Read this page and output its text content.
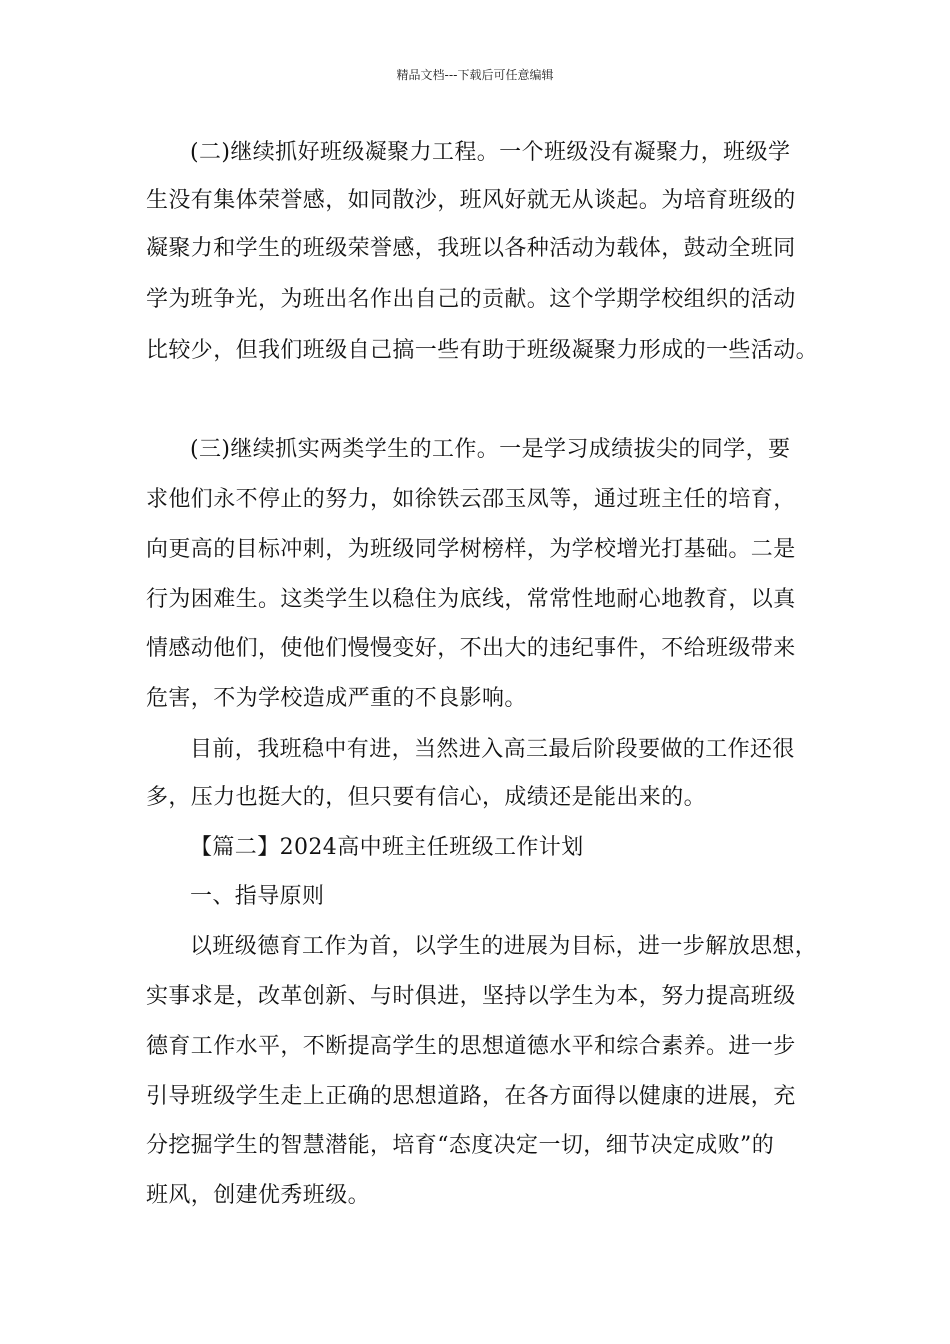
精品文档---下载后可任意编辑
(二)继续抓好班级凝聚力工程。一个班级没有凝聚力，班级学
生没有集体荣誉感，如同散沙，班风好就无从谈起。为培育班级的
凝聚力和学生的班级荣誉感，我班以各种活动为载体，鼓动全班同
学为班争光，为班出名作出自己的贡献。这个学期学校组织的活动
比较少，但我们班级自己搞一些有助于班级凝聚力形成的一些活动。
(三)继续抓实两类学生的工作。一是学习成绩拔尖的同学，要
求他们永不停止的努力，如徐铁云邵玉凤等，通过班主任的培育，
向更高的目标冲刺，为班级同学树榜样，为学校增光打基础。二是
行为困难生。这类学生以稳住为底线，常常性地耐心地教育，以真
情感动他们，使他们慢慢变好，不出大的违纪事件，不给班级带来
危害，不为学校造成严重的不良影响。
目前，我班稳中有进，当然进入高三最后阶段要做的工作还很
多，压力也挺大的，但只要有信心，成绩还是能出来的。
【篇二】2024高中班主任班级工作计划
一、指导原则
以班级德育工作为首，以学生的进展为目标，进一步解放思想，
实事求是，改革创新、与时俱进，坚持以学生为本，努力提高班级
德育工作水平，不断提高学生的思想道德水平和综合素养。进一步
引导班级学生走上正确的思想道路，在各方面得以健康的进展，充
分挖掘学生的智慧潜能，培育“态度决定一切，细节决定成败”的
班风，创建优秀班级。
